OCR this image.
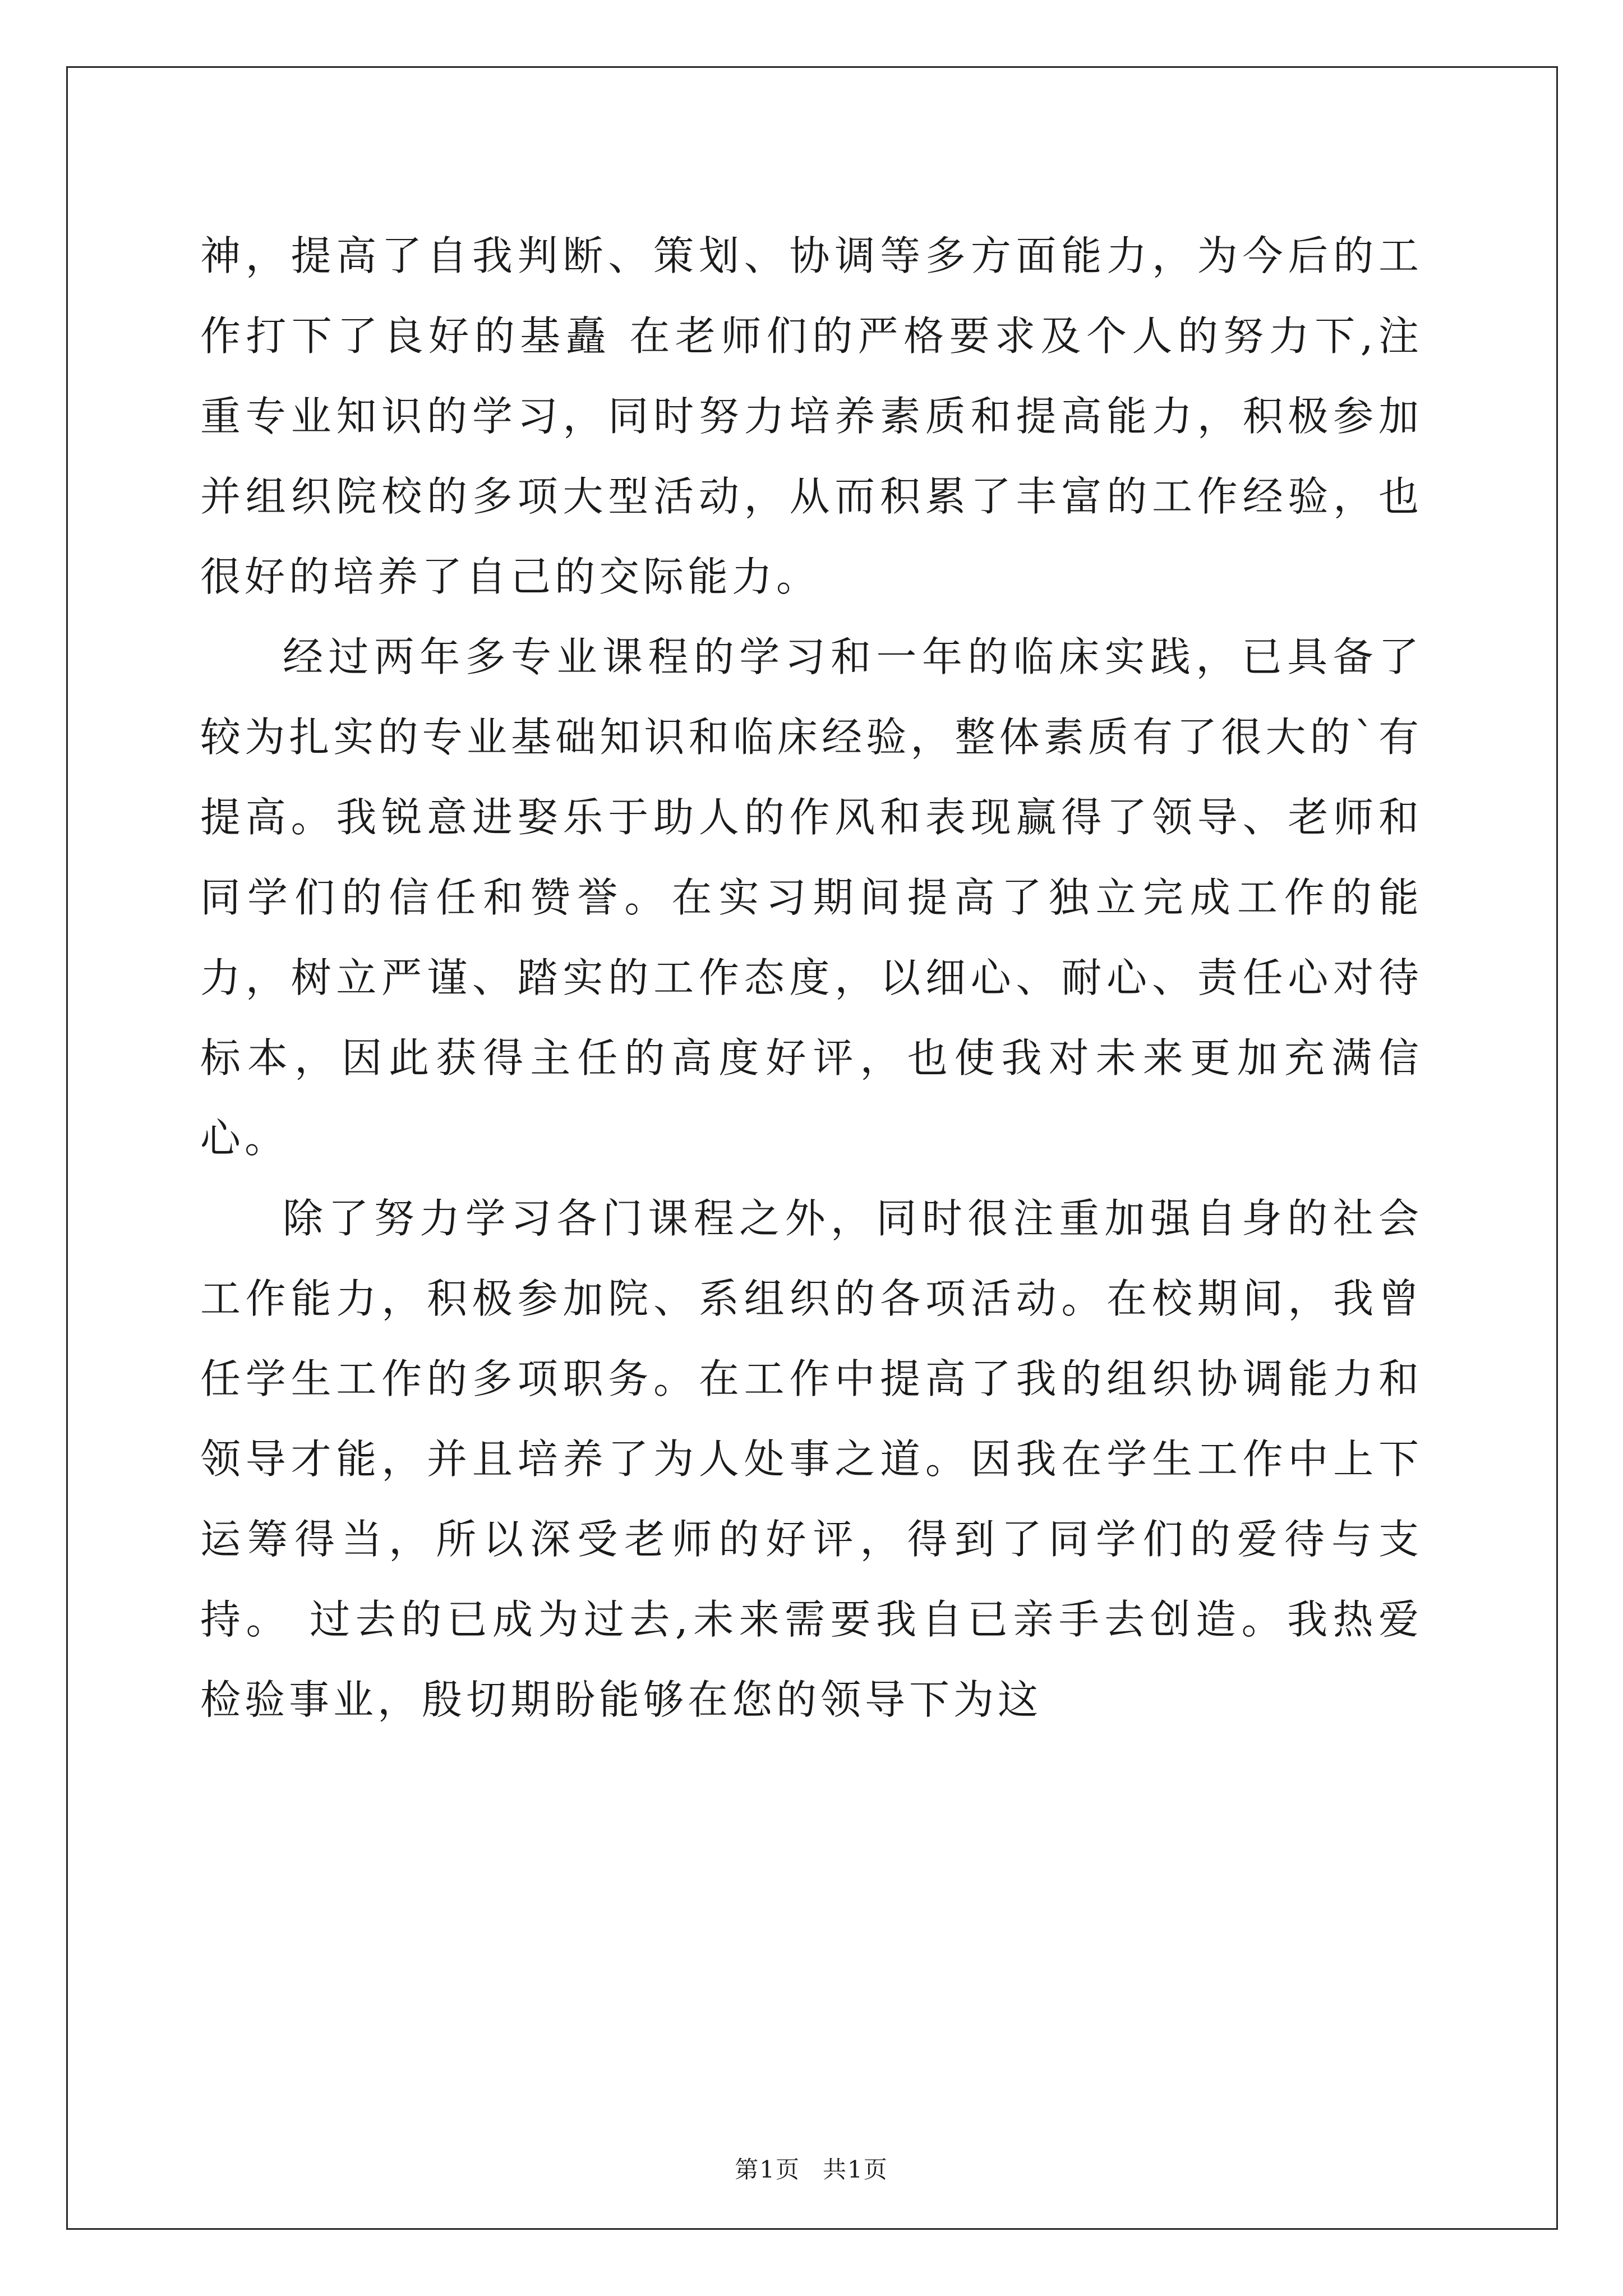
神，提高了自我判断、策划、协调等多方面能力，为今后的工作打下了良好的基矗 在老师们的严格要求及个人的努力下,注重专业知识的学习，同时努力培养素质和提高能力，积极参加并组织院校的多项大型活动，从而积累了丰富的工作经验，也很好的培养了自己的交际能力。

经过两年多专业课程的学习和一年的临床实践，已具备了较为扎实的专业基础知识和临床经验，整体素质有了很大的`有提高。我锐意进娶乐于助人的作风和表现赢得了领导、老师和同学们的信任和赞誉。在实习期间提高了独立完成工作的能力，树立严谨、踏实的工作态度，以细心、耐心、责任心对待标本，因此获得主任的高度好评，也使我对未来更加充满信心。

除了努力学习各门课程之外，同时很注重加强自身的社会工作能力，积极参加院、系组织的各项活动。在校期间，我曾任学生工作的多项职务。在工作中提高了我的组织协调能力和领导才能，并且培养了为人处事之道。因我在学生工作中上下运筹得当，所以深受老师的好评，得到了同学们的爱待与支持。 过去的已成为过去,未来需要我自已亲手去创造。我热爱检验事业，殷切期盼能够在您的领导下为这

第1页 共1页
